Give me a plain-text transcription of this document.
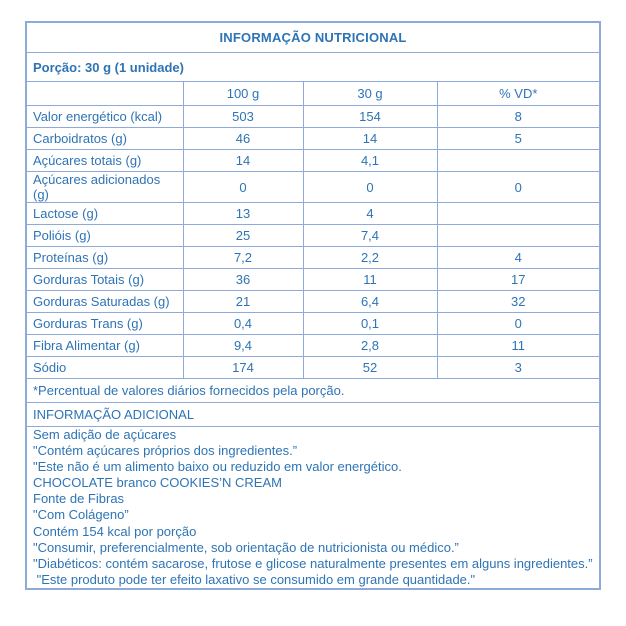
INFORMAÇÃO NUTRICIONAL			
Porção: 30 g (1 unidade)			
	100 g	30 g	% VD*
Valor energético (kcal)	503	154	8
Carboidratos (g)	46	14	5
Açúcares totais (g)	14	4,1	
Açúcares adicionados (g)	0	0	0
Lactose (g)	13	4	
Polióis (g)	25	7,4	
Proteínas (g)	7,2	2,2	4
Gorduras Totais (g)	36	11	17
Gorduras Saturadas (g)	21	6,4	32
Gorduras Trans (g)	0,4	0,1	0
Fibra Alimentar (g)	9,4	2,8	11
Sódio	174	52	3
*Percentual de valores diários fornecidos pela porção.			
INFORMAÇÃO ADICIONAL			

Sem adição de açúcares
"Contém açúcares próprios dos ingredientes.”
"Este não é um alimento baixo ou reduzido em valor energético.
CHOCOLATE branco COOKIES’N CREAM
Fonte de Fibras
"Com Colágeno”
Contém 154 kcal por porção
"Consumir, preferencialmente, sob orientação de nutricionista ou médico.”
"Diabéticos: contém sacarose, frutose e glicose naturalmente presentes em alguns ingredientes.”
"Este produto pode ter efeito laxativo se consumido em grande quantidade."
